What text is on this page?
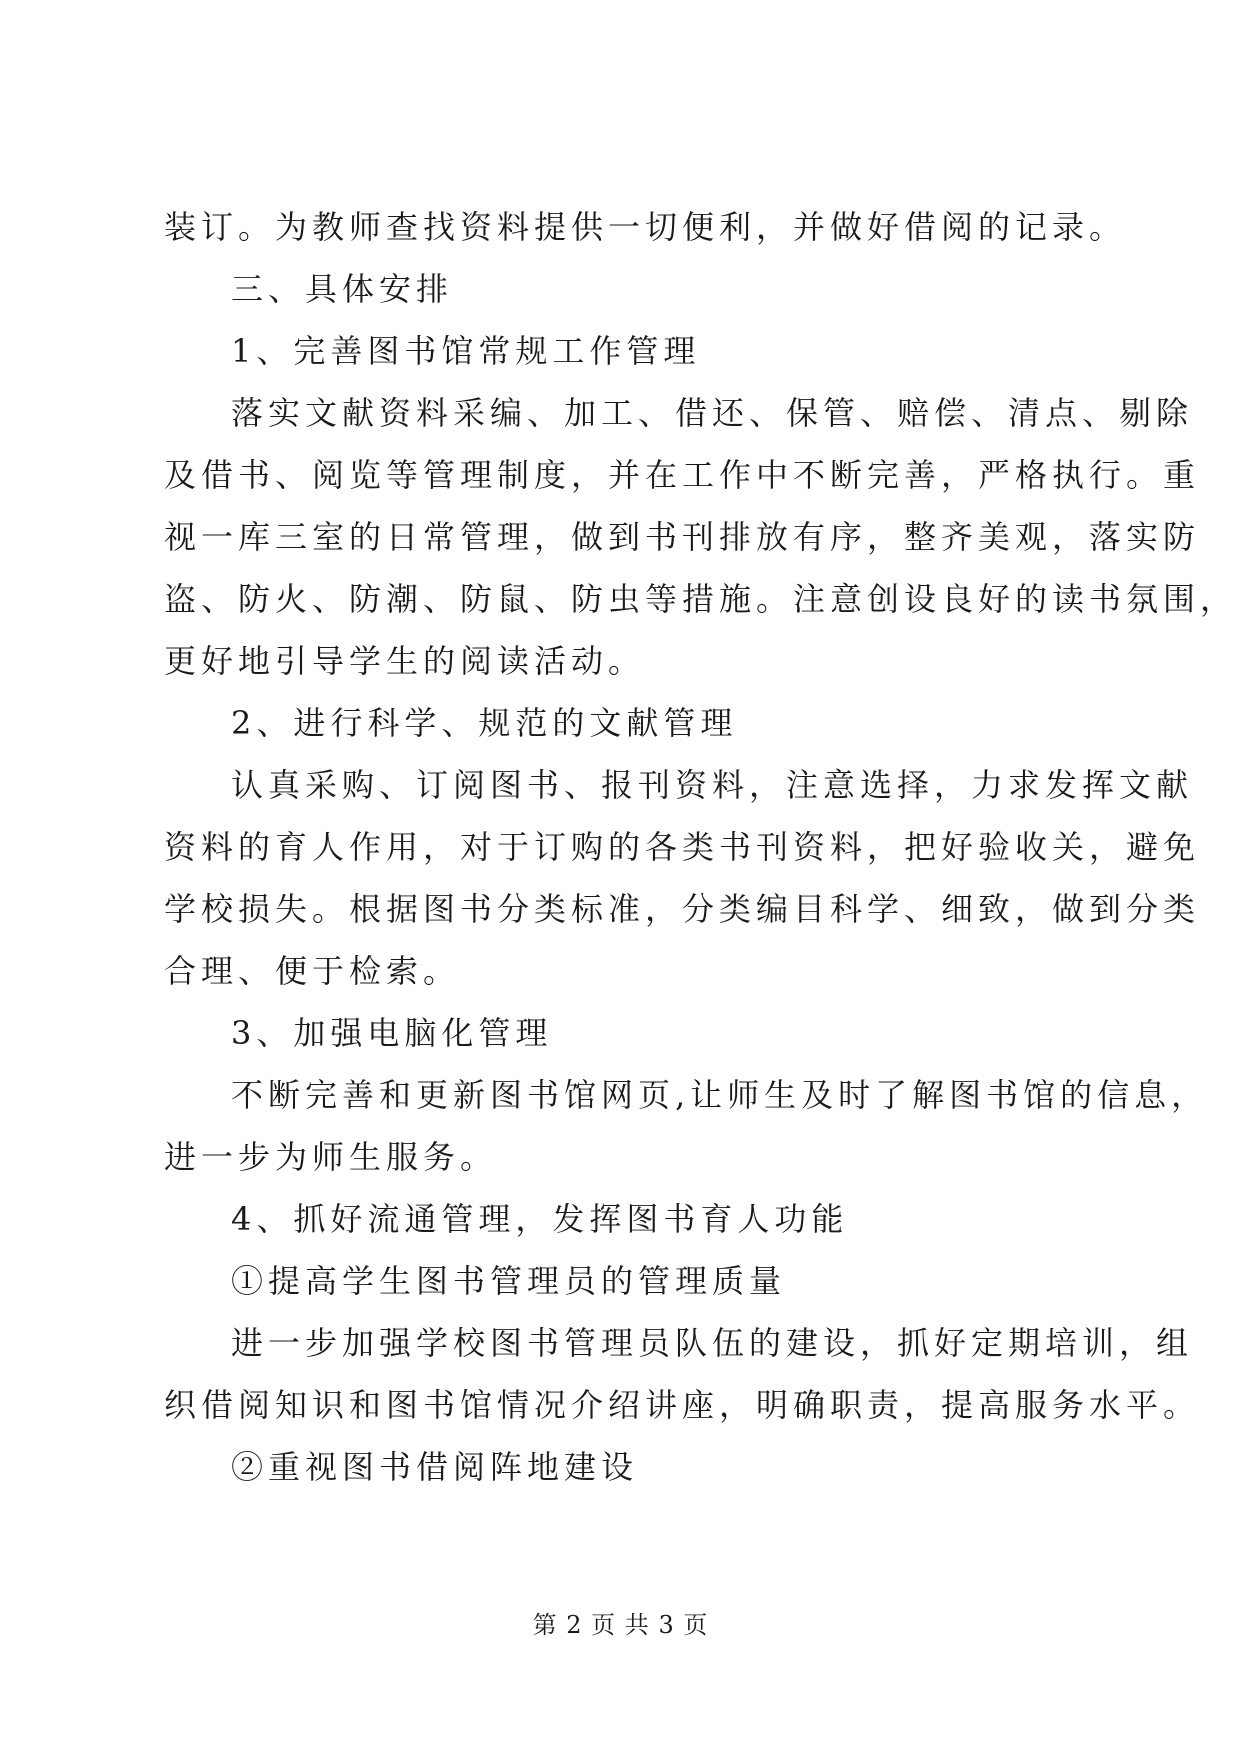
装订。为教师查找资料提供一切便利，并做好借阅的记录。
三、具体安排
1、完善图书馆常规工作管理
落实文献资料采编、加工、借还、保管、赔偿、清点、剔除
及借书、阅览等管理制度，并在工作中不断完善，严格执行。重
视一库三室的日常管理，做到书刊排放有序，整齐美观，落实防
盗、防火、防潮、防鼠、防虫等措施。注意创设良好的读书氛围，
更好地引导学生的阅读活动。
2、进行科学、规范的文献管理
认真采购、订阅图书、报刊资料，注意选择，力求发挥文献
资料的育人作用，对于订购的各类书刊资料，把好验收关，避免
学校损失。根据图书分类标准，分类编目科学、细致，做到分类
合理、便于检索。
3、加强电脑化管理
不断完善和更新图书馆网页,让师生及时了解图书馆的信息，
进一步为师生服务。
4、抓好流通管理，发挥图书育人功能
①提高学生图书管理员的管理质量
进一步加强学校图书管理员队伍的建设，抓好定期培训，组
织借阅知识和图书馆情况介绍讲座，明确职责，提高服务水平。
②重视图书借阅阵地建设
第 2 页 共 3 页
